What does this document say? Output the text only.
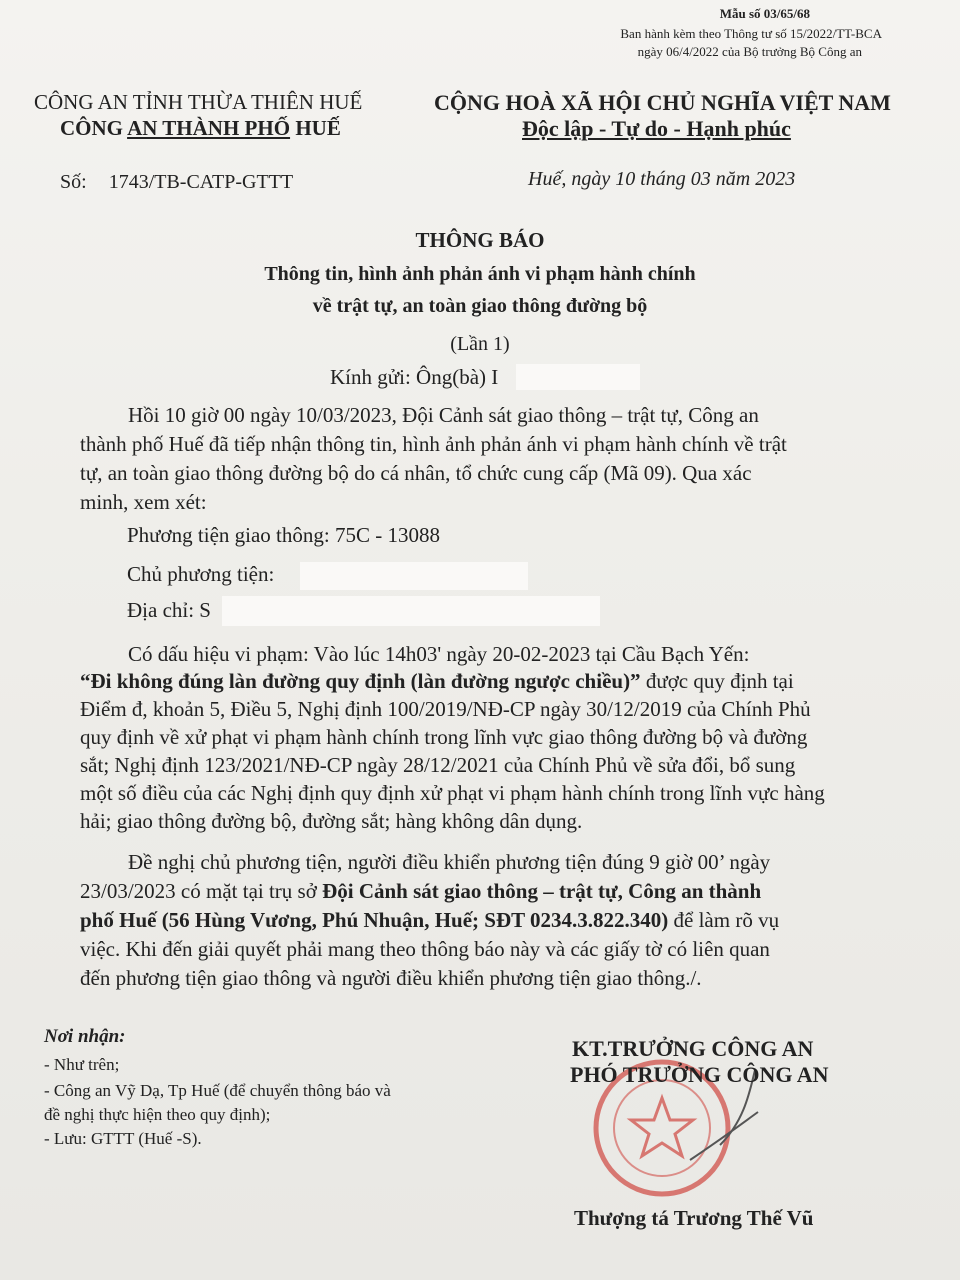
Mẫu số 03/65/68
Ban hành kèm theo Thông tư số 15/2022/TT-BCA
ngày 06/4/2022 của Bộ trưởng Bộ Công an
CÔNG AN TỈNH THỪA THIÊN HUẾ
CÔNG AN THÀNH PHỐ HUẾ
CỘNG HOÀ XÃ HỘI CHỦ NGHĨA VIỆT NAM
Độc lập - Tự do - Hạnh phúc
Số: 1743/TB-CATP-GTTT	Huế, ngày 10 tháng 03 năm 2023
THÔNG BÁO
Thông tin, hình ảnh phản ánh vi phạm hành chính
về trật tự, an toàn giao thông đường bộ
(Lần 1)
Kính gửi: Ông(bà) I
Hồi 10 giờ 00 ngày 10/03/2023, Đội Cảnh sát giao thông – trật tự, Công an
thành phố Huế đã tiếp nhận thông tin, hình ảnh phản ánh vi phạm hành chính về trật
tự, an toàn giao thông đường bộ do cá nhân, tổ chức cung cấp (Mã 09). Qua xác
minh, xem xét:
Phương tiện giao thông: 75C - 13088
Chủ phương tiện:
Địa chỉ: S
Có dấu hiệu vi phạm: Vào lúc 14h03' ngày 20-02-2023 tại Cầu Bạch Yến:
“Đi không đúng làn đường quy định (làn đường ngược chiều)” được quy định tại
Điểm đ, khoản 5, Điều 5, Nghị định 100/2019/NĐ-CP ngày 30/12/2019 của Chính Phủ
quy định về xử phạt vi phạm hành chính trong lĩnh vực giao thông đường bộ và đường
sắt; Nghị định 123/2021/NĐ-CP ngày 28/12/2021 của Chính Phủ về sửa đổi, bổ sung
một số điều của các Nghị định quy định xử phạt vi phạm hành chính trong lĩnh vực hàng
hải; giao thông đường bộ, đường sắt; hàng không dân dụng.
Đề nghị chủ phương tiện, người điều khiển phương tiện đúng 9 giờ 00’ ngày
23/03/2023 có mặt tại trụ sở Đội Cảnh sát giao thông – trật tự, Công an thành
phố Huế (56 Hùng Vương, Phú Nhuận, Huế; SĐT 0234.3.822.340) để làm rõ vụ
việc. Khi đến giải quyết phải mang theo thông báo này và các giấy tờ có liên quan
đến phương tiện giao thông và người điều khiển phương tiện giao thông./.
Nơi nhận:
- Như trên;
- Công an Vỹ Dạ, Tp Huế (để chuyển thông báo và
đề nghị thực hiện theo quy định);
- Lưu: GTTT (Huế -S).
KT.TRƯỞNG CÔNG AN
PHÓ TRƯỞNG CÔNG AN
Thượng tá Trương Thế Vũ
